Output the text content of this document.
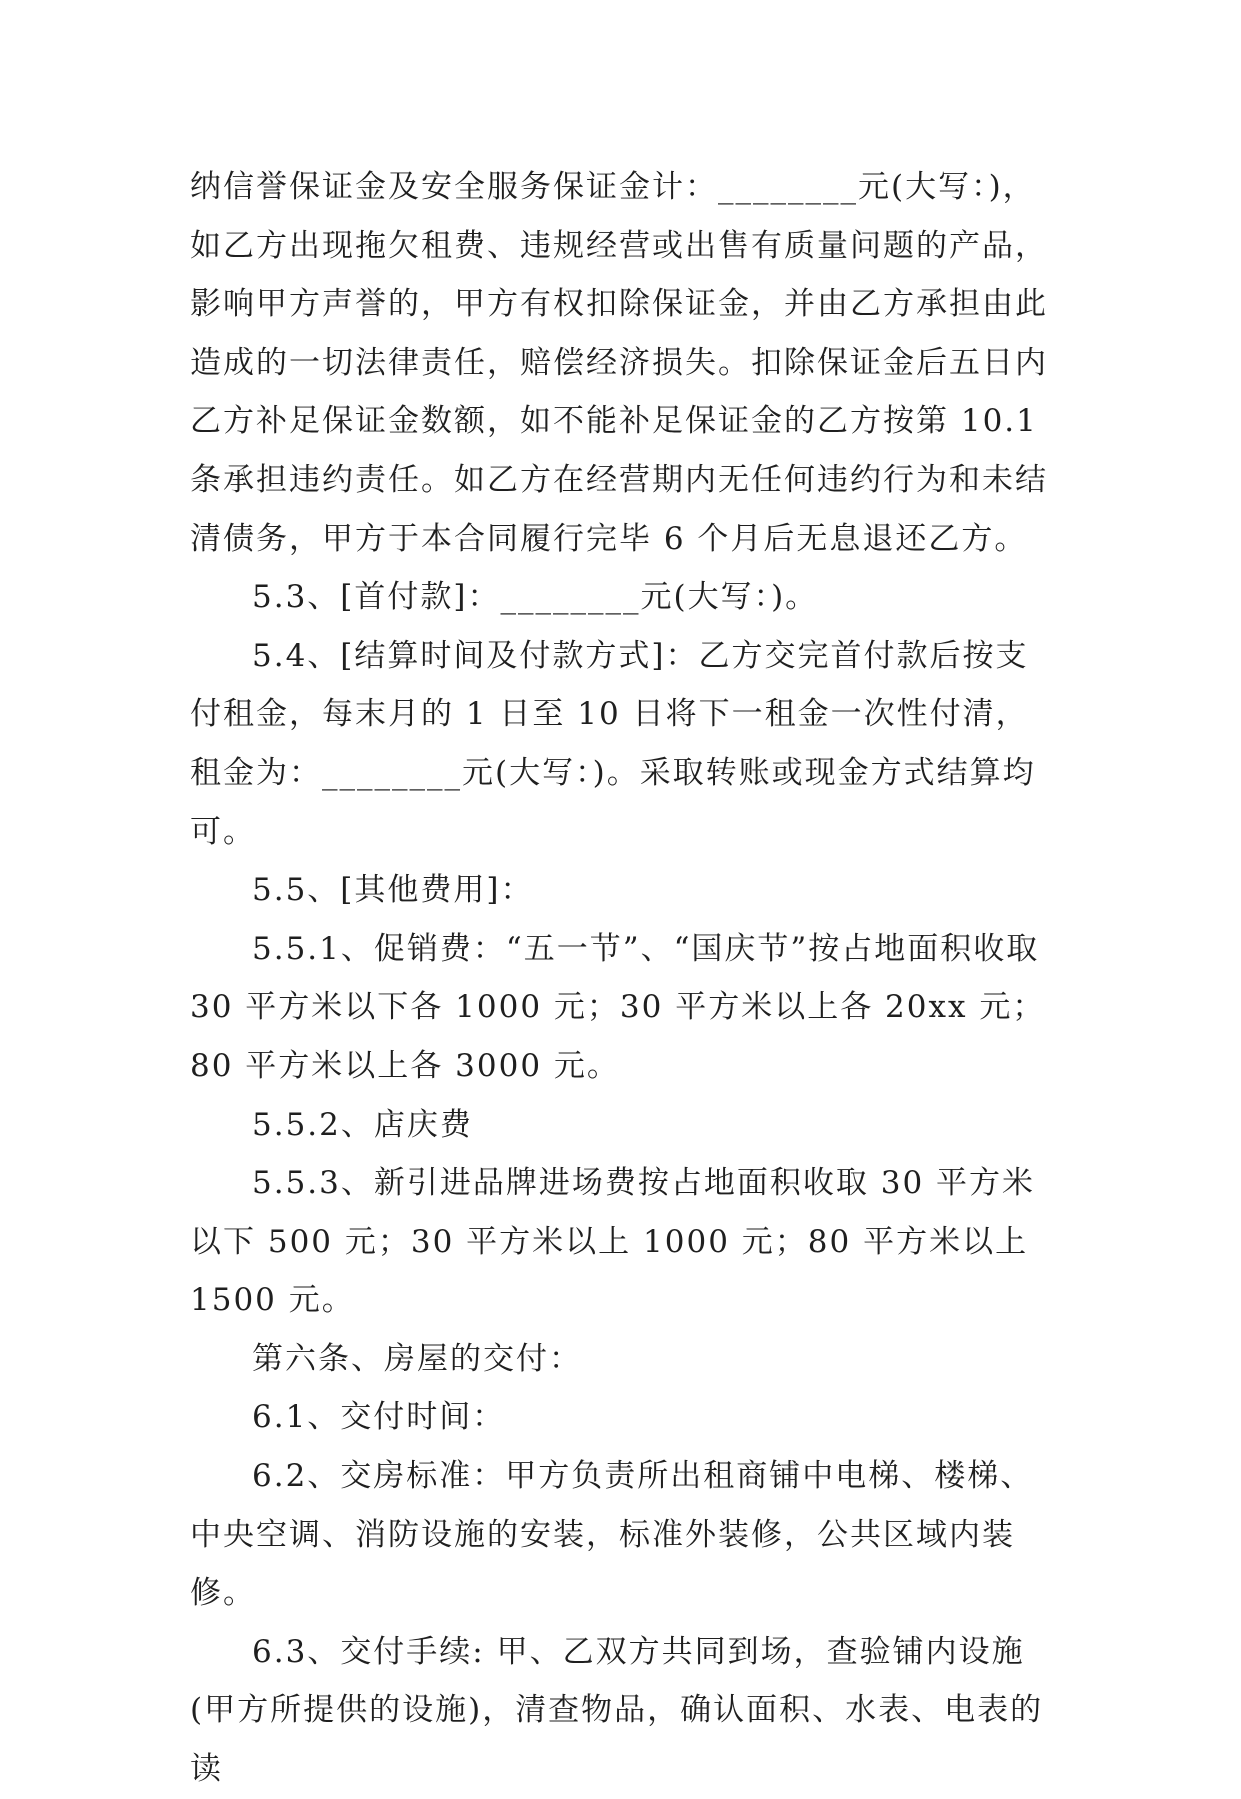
纳信誉保证金及安全服务保证金计：________元(大写：)，如乙方出现拖欠租费、违规经营或出售有质量问题的产品，影响甲方声誉的，甲方有权扣除保证金，并由乙方承担由此造成的一切法律责任，赔偿经济损失。扣除保证金后五日内乙方补足保证金数额，如不能补足保证金的乙方按第 10.1 条承担违约责任。如乙方在经营期内无任何违约行为和未结清债务，甲方于本合同履行完毕 6 个月后无息退还乙方。

5.3、[首付款]：________元(大写：)。

5.4、[结算时间及付款方式]：乙方交完首付款后按支付租金，每末月的 1 日至 10 日将下一租金一次性付清，租金为：________元(大写：)。采取转账或现金方式结算均可。

5.5、[其他费用]：

5.5.1、促销费：“五一节”、“国庆节”按占地面积收取 30 平方米以下各 1000 元；30 平方米以上各 20xx 元；80 平方米以上各 3000 元。

5.5.2、店庆费

5.5.3、新引进品牌进场费按占地面积收取 30 平方米以下 500 元；30 平方米以上 1000 元；80 平方米以上 1500 元。

第六条、房屋的交付：

6.1、交付时间：

6.2、交房标准：甲方负责所出租商铺中电梯、楼梯、中央空调、消防设施的安装，标准外装修，公共区域内装修。

6.3、交付手续: 甲、乙双方共同到场，查验铺内设施(甲方所提供的设施)，清查物品，确认面积、水表、电表的读
